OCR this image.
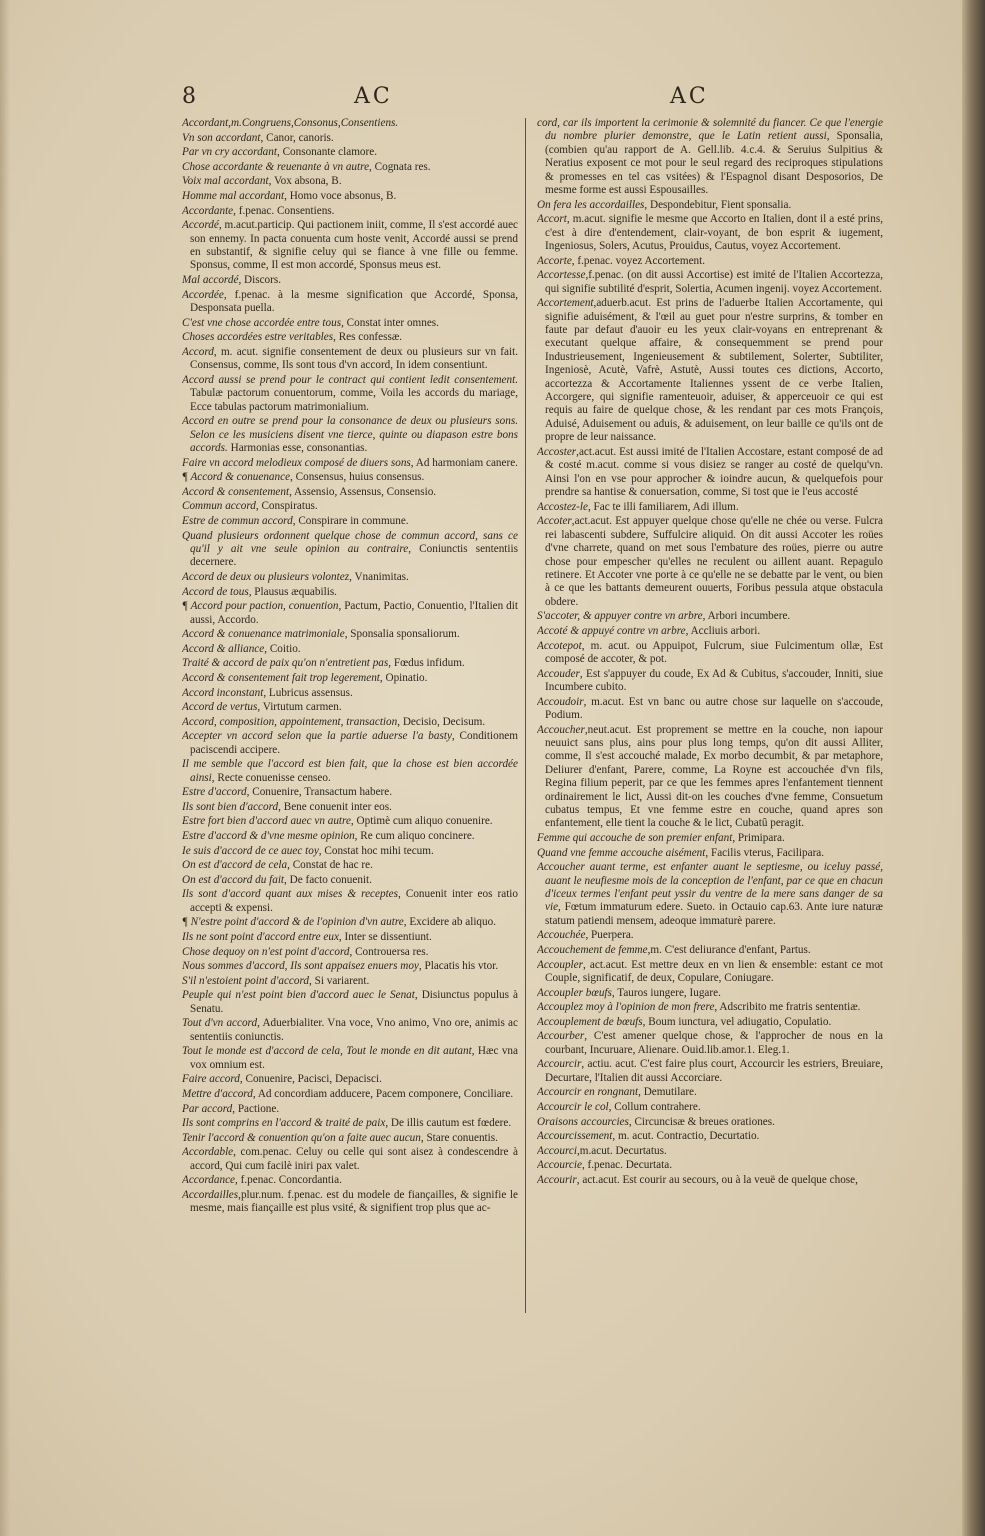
8	AC	AC

Accordant,m.Congruens,Consonus,Consentiens.

Vn son accordant, Canor, canoris.

Par vn cry accordant, Consonante clamore.

Chose accordante & reuenante à vn autre, Cognata res.

Voix mal accordant, Vox absona, B.

Homme mal accordant, Homo voce absonus, B.

Accordante, f.penac. Consentiens.

Accordé, m.acut.particip. Qui pactionem iniit, comme, Il s'est accordé auec son ennemy. In pacta conuenta cum hoste venit, Accordé aussi se prend en substantif, & signifie celuy qui se fiance à vne fille ou femme. Sponsus, comme, Il est mon accordé, Sponsus meus est.

Mal accordé, Discors.

Accordée, f.penac. à la mesme signification que Accordé, Sponsa, Desponsata puella.

C'est vne chose accordée entre tous, Constat inter omnes.

Choses accordées estre veritables, Res confessæ.

Accord, m. acut. signifie consentement de deux ou plusieurs sur vn fait. Consensus, comme, Ils sont tous d'vn accord, In idem consentiunt.

Accord aussi se prend pour le contract qui contient ledit consentement. Tabulæ pactorum conuentorum, comme, Voila les accords du mariage, Ecce tabulas pactorum matrimonialium.

Accord en outre se prend pour la consonance de deux ou plusieurs sons. Selon ce les musiciens disent vne tierce, quinte ou diapason estre bons accords. Harmonias esse, consonantias.

Faire vn accord melodieux composé de diuers sons, Ad harmoniam canere.

¶ Accord & conuenance, Consensus, huius consensus.

Accord & consentement, Assensio, Assensus, Consensio.

Commun accord, Conspiratus.

Estre de commun accord, Conspirare in commune.

Quand plusieurs ordonnent quelque chose de commun accord, sans ce qu'il y ait vne seule opinion au contraire, Coniunctis sententiis decernere.

Accord de deux ou plusieurs volontez, Vnanimitas.

Accord de tous, Plausus æquabilis.

¶ Accord pour paction, conuention, Pactum, Pactio, Conuentio, l'Italien dit aussi, Accordo.

Accord & conuenance matrimoniale, Sponsalia sponsaliorum.

Accord & alliance, Coitio.

Traité & accord de paix qu'on n'entretient pas, Fœdus infidum.

Accord & consentement fait trop legerement, Opinatio.

Accord inconstant, Lubricus assensus.

Accord de vertus, Virtutum carmen.

Accord, composition, appointement, transaction, Decisio, Decisum.

Accepter vn accord selon que la partie aduerse l'a basty, Conditionem paciscendi accipere.

Il me semble que l'accord est bien fait, que la chose est bien accordée ainsi, Recte conuenisse censeo.

Estre d'accord, Conuenire, Transactum habere.

Ils sont bien d'accord, Bene conuenit inter eos.

Estre fort bien d'accord auec vn autre, Optimè cum aliquo conuenire.

Estre d'accord & d'vne mesme opinion, Re cum aliquo concinere.

Ie suis d'accord de ce auec toy, Constat hoc mihi tecum.

On est d'accord de cela, Constat de hac re.

On est d'accord du fait, De facto conuenit.

Ils sont d'accord quant aux mises & receptes, Conuenit inter eos ratio accepti & expensi.

¶ N'estre point d'accord & de l'opinion d'vn autre, Excidere ab aliquo.

Ils ne sont point d'accord entre eux, Inter se dissentiunt.

Chose dequoy on n'est point d'accord, Controuersa res.

Nous sommes d'accord, Ils sont appaisez enuers moy, Placatis his vtor.

S'il n'estoient point d'accord, Si variarent.

Peuple qui n'est point bien d'accord auec le Senat, Disiunctus populus à Senatu.

Tout d'vn accord, Aduerbialiter. Vna voce, Vno animo, Vno ore, animis ac sententiis coniunctis.

Tout le monde est d'accord de cela, Tout le monde en dit autant, Hæc vna vox omnium est.

Faire accord, Conuenire, Pacisci, Depacisci.

Mettre d'accord, Ad concordiam adducere, Pacem componere, Conciliare.

Par accord, Pactione.

Ils sont comprins en l'accord & traité de paix, De illis cautum est fœdere.

Tenir l'accord & conuention qu'on a faite auec aucun, Stare conuentis.

Accordable, com.penac. Celuy ou celle qui sont aisez à condescendre à accord, Qui cum facilè iniri pax valet.

Accordance, f.penac. Concordantia.

Accordailles,plur.num. f.penac. est du modele de fiançailles, & signifie le mesme, mais fiançaille est plus vsité, & signifient trop plus que ac-

cord, car ils importent la cerimonie & solemnité du fiancer. Ce que l'energie du nombre plurier demonstre, que le Latin retient aussi, Sponsalia, (combien qu'au rapport de A. Gell.lib. 4.c.4. & Seruius Sulpitius & Neratius exposent ce mot pour le seul regard des reciproques stipulations & promesses en tel cas vsitées) & l'Espagnol disant Desposorios, De mesme forme est aussi Espousailles.

On fera les accordailles, Despondebitur, Fient sponsalia.

Accort, m.acut. signifie le mesme que Accorto en Italien, dont il a esté prins, c'est à dire d'entendement, clair-voyant, de bon esprit & iugement, Ingeniosus, Solers, Acutus, Prouidus, Cautus, voyez Accortement.

Accorte, f.penac. voyez Accortement.

Accortesse,f.penac. (on dit aussi Accortise) est imité de l'Italien Accortezza, qui signifie subtilité d'esprit, Solertia, Acumen ingenij. voyez Accortement.

Accortement,aduerb.acut. Est prins de l'aduerbe Italien Accortamente, qui signifie aduisément, & l'œil au guet pour n'estre surprins, & tomber en faute par defaut d'auoir eu les yeux clair-voyans en entreprenant & executant quelque affaire, & consequemment se prend pour Industrieusement, Ingenieusement & subtilement, Solerter, Subtiliter, Ingeniosè, Acutè, Vafrè, Astutè, Aussi toutes ces dictions, Accorto, accortezza & Accortamente Italiennes yssent de ce verbe Italien, Accorgere, qui signifie ramenteuoir, aduiser, & apperceuoir ce qui est requis au faire de quelque chose, & les rendant par ces mots François, Aduisé, Aduisement ou aduis, & aduisement, on leur baille ce qu'ils ont de propre de leur naissance.

Accoster,act.acut. Est aussi imité de l'Italien Accostare, estant composé de ad & costé m.acut. comme si vous disiez se ranger au costé de quelqu'vn. Ainsi l'on en vse pour approcher & ioindre aucun, & quelquefois pour prendre sa hantise & conuersation, comme, Si tost que ie l'eus accosté

Accostez-le, Fac te illi familiarem, Adi illum.

Accoter,act.acut. Est appuyer quelque chose qu'elle ne chée ou verse. Fulcra rei labascenti subdere, Suffulcire aliquid. On dit aussi Accoter les roües d'vne charrete, quand on met sous l'embature des roües, pierre ou autre chose pour empescher qu'elles ne reculent ou aillent auant. Repagulo retinere. Et Accoter vne porte à ce qu'elle ne se debatte par le vent, ou bien à ce que les battants demeurent ouuerts, Foribus pessula atque obstacula obdere.

S'accoter, & appuyer contre vn arbre, Arbori incumbere.

Accoté & appuyé contre vn arbre, Accliuis arbori.

Accotepot, m. acut. ou Appuipot, Fulcrum, siue Fulcimentum ollæ, Est composé de accoter, & pot.

Accouder, Est s'appuyer du coude, Ex Ad & Cubitus, s'accouder, Inniti, siue Incumbere cubito.

Accoudoir, m.acut. Est vn banc ou autre chose sur laquelle on s'accoude, Podium.

Accoucher,neut.acut. Est proprement se mettre en la couche, non iapour neuuict sans plus, ains pour plus long temps, qu'on dit aussi Alliter, comme, Il s'est accouché malade, Ex morbo decumbit, & par metaphore, Deliurer d'enfant, Parere, comme, La Royne est accouchée d'vn fils, Regina filium peperit, par ce que les femmes apres l'enfantement tiennent ordinairement le lict, Aussi dit-on les couches d'vne femme, Consuetum cubatus tempus, Et vne femme estre en couche, quand apres son enfantement, elle tient la couche & le lict, Cubatû peragit.

Femme qui accouche de son premier enfant, Primipara.

Quand vne femme accouche aisément, Facilis vterus, Facilipara.

Accoucher auant terme, est enfanter auant le septiesme, ou iceluy passé, auant le neufiesme mois de la conception de l'enfant, par ce que en chacun d'iceux termes l'enfant peut yssir du ventre de la mere sans danger de sa vie, Fœtum immaturum edere. Sueto. in Octauio cap.63. Ante iure naturæ statum patiendi mensem, adeoque immaturè parere.

Accouchée, Puerpera.

Accouchement de femme,m. C'est deliurance d'enfant, Partus.

Accoupler, act.acut. Est mettre deux en vn lien & ensemble: estant ce mot Couple, significatif, de deux, Copulare, Coniugare.

Accoupler bœufs, Tauros iungere, Iugare.

Accouplez moy à l'opinion de mon frere, Adscribito me fratris sententiæ.

Accouplement de bœufs, Boum iunctura, vel adiugatio, Copulatio.

Accourber, C'est amener quelque chose, & l'approcher de nous en la courbant, Incuruare, Alienare. Ouid.lib.amor.1. Eleg.1.

Accourcir, actiu. acut. C'est faire plus court, Accourcir les estriers, Breuiare, Decurtare, l'Italien dit aussi Accorciare.

Accourcir en rongnant, Demutilare.

Accourcir le col, Collum contrahere.

Oraisons accourcies, Circuncisæ & breues orationes.

Accourcissement, m. acut. Contractio, Decurtatio.

Accourci,m.acut. Decurtatus.

Accourcie, f.penac. Decurtata.

Accourir, act.acut. Est courir au secours, ou à la veuë de quelque chose,
